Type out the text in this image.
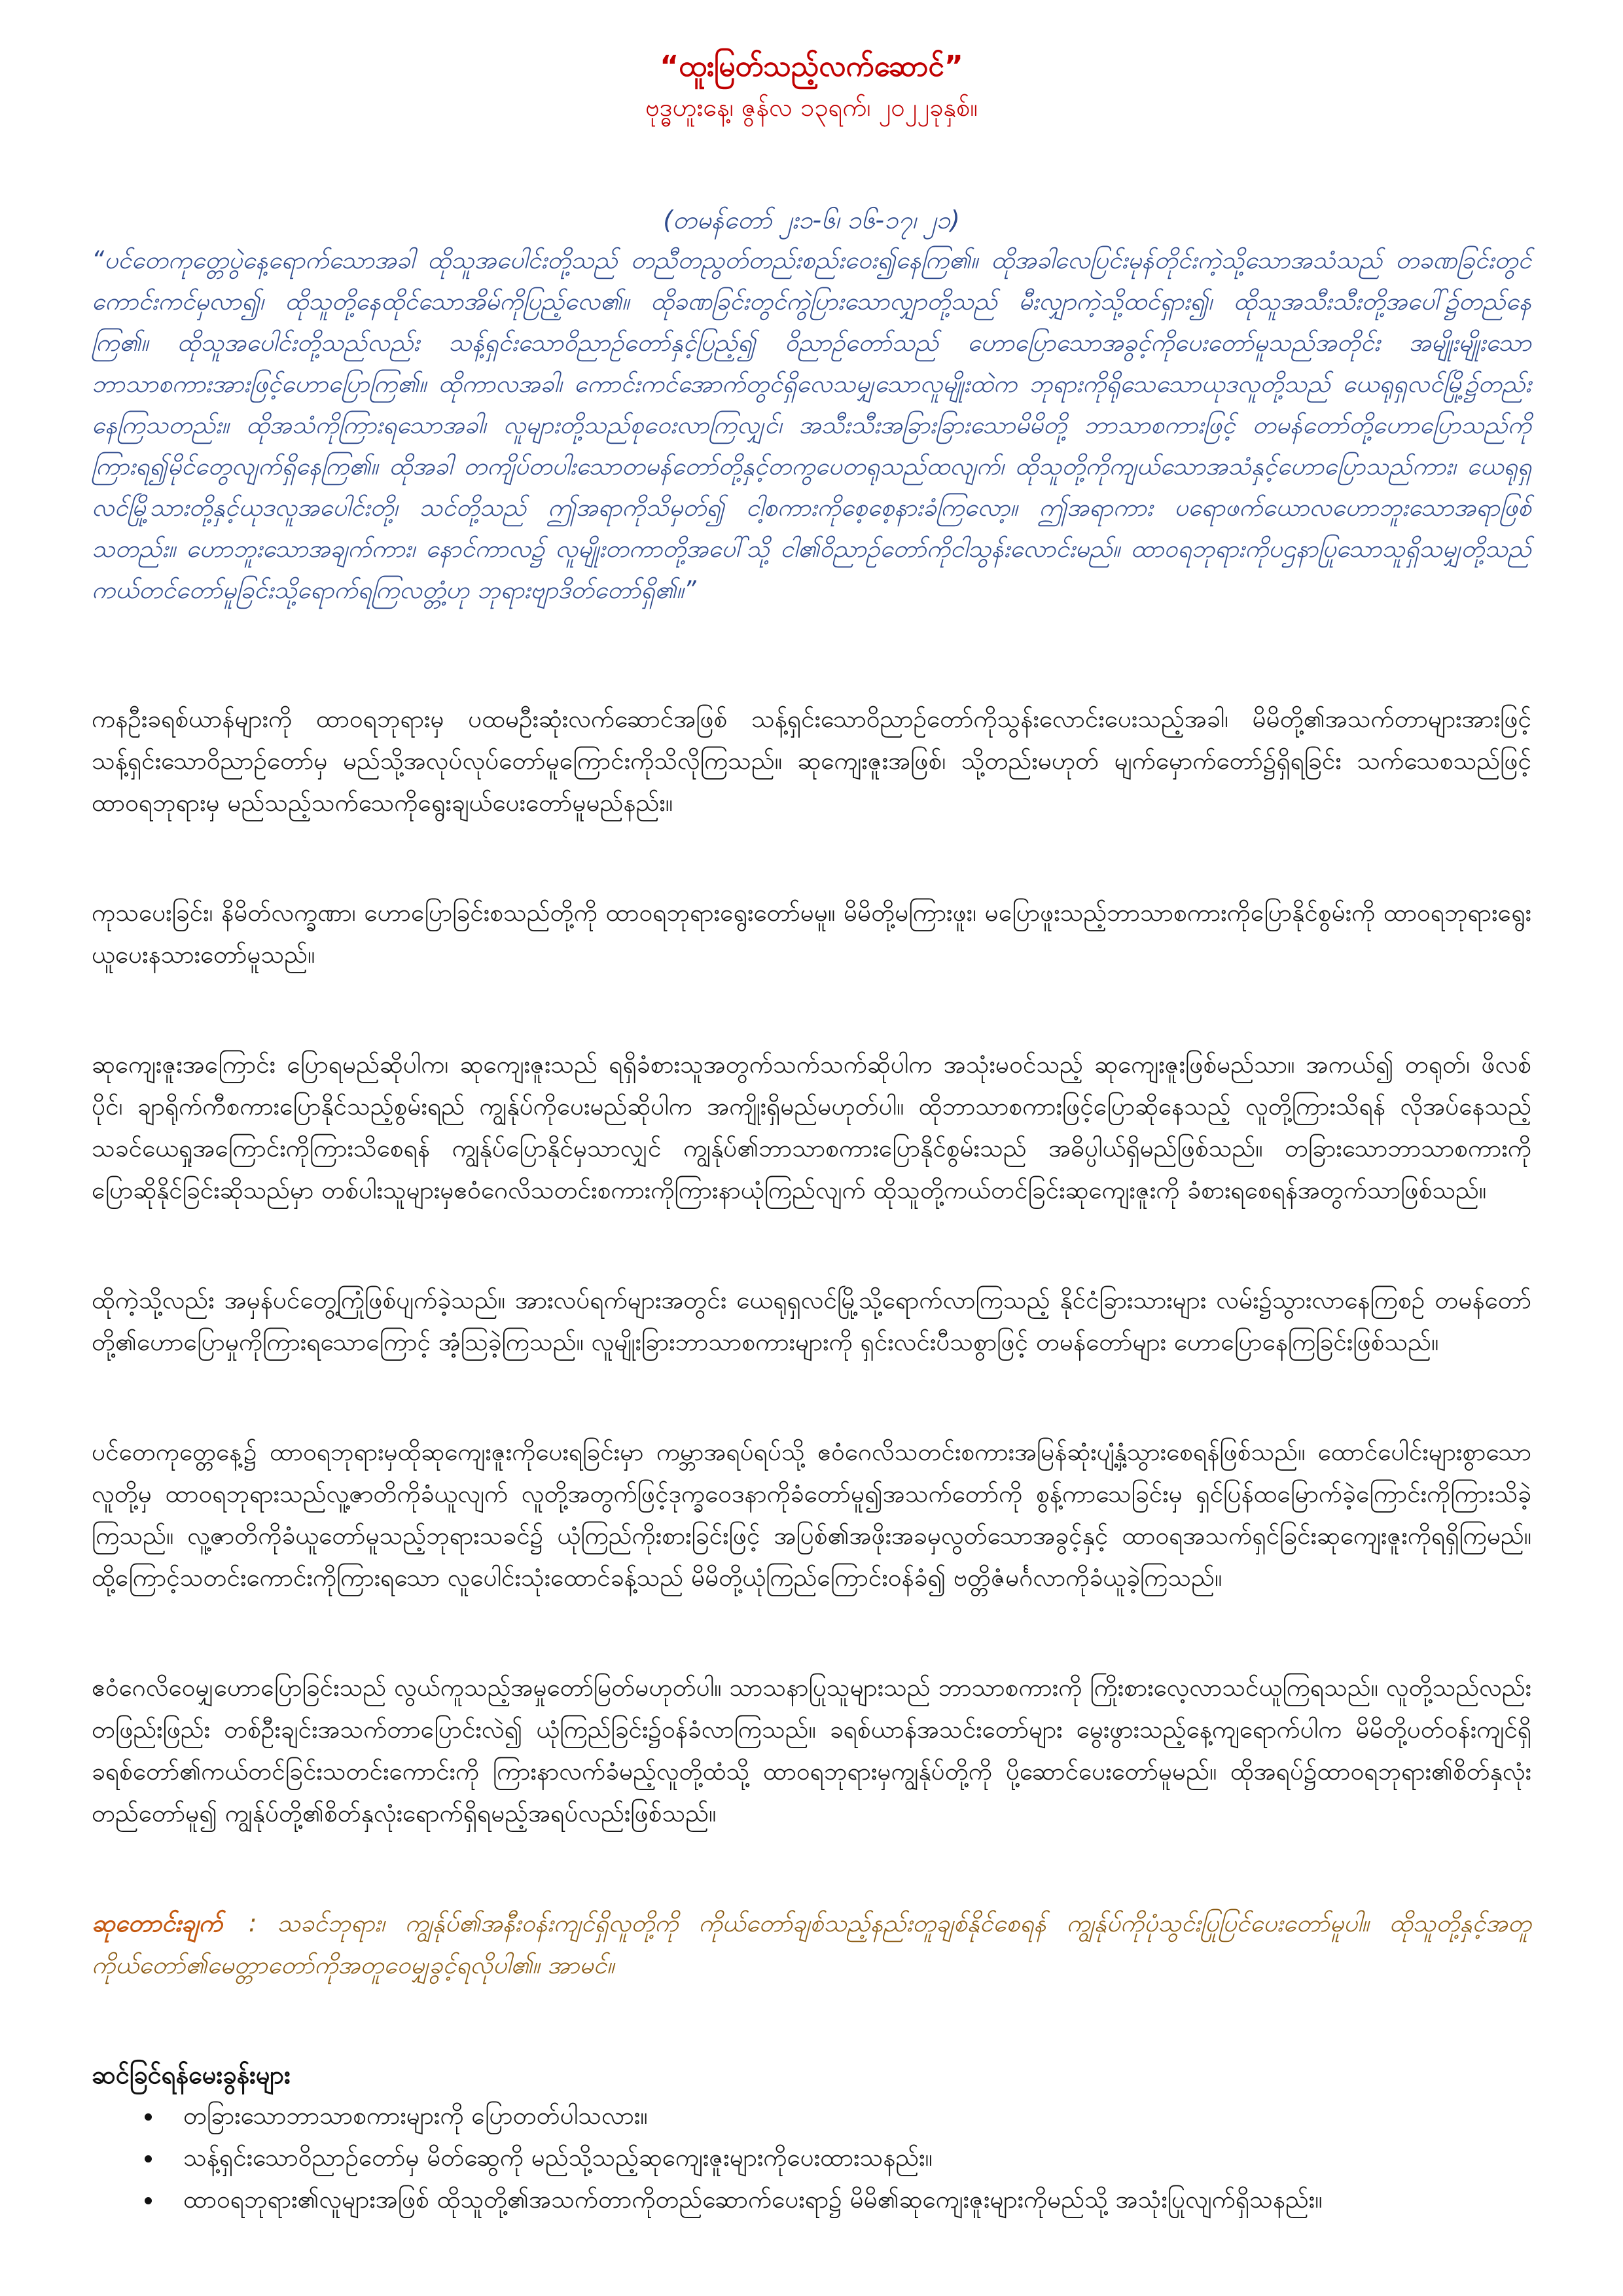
“ထူးမြတ်သည့်လက်ဆောင်”

ဗုဒ္ဓဟူးနေ့၊ ဇွန်လ ၁၃ရက်၊ ၂၀၂၂ခုနှစ်။

(တမန်တော် ၂း၁-၆၊ ၁၆-၁၇၊ ၂၁)

“ပင်တေကုတ္တေပွဲနေ့ရောက်သောအခါ ထိုသူအပေါင်းတို့သည် တညီတညွတ်တည်းစည်းဝေး၍နေကြ၏။ ထိုအခါလေပြင်းမုန်တိုင်းကဲ့သို့သောအသံသည် တခဏခြင်းတွင် ကောင်းကင်မှလာ၍၊ ထိုသူတို့နေထိုင်သောအိမ်ကိုပြည့်လေ၏။ ထိုခဏခြင်းတွင်ကွဲပြားသောလျှာတို့သည် မီးလျှာကဲ့သို့ထင်ရှား၍၊ ထိုသူအသီးသီးတို့အပေါ်၌တည်နေကြ၏။ ထိုသူအပေါင်းတို့သည်လည်း သန့်ရှင်းသောဝိညာဉ်တော်နှင့်ပြည့်၍ ဝိညာဉ်တော်သည် ဟောပြောသောအခွင့်ကိုပေးတော်မူသည်အတိုင်း အမျိုးမျိုးသောဘာသာစကားအားဖြင့်ဟောပြောကြ၏။ ထိုကာလအခါ၊ ကောင်းကင်အောက်တွင်ရှိလေသမျှသောလူမျိုးထဲက ဘုရားကိုရိုသေသောယုဒလူတို့သည် ယေရုရှလင်မြို့၌တည်းနေကြသတည်း။ ထိုအသံကိုကြားရသောအခါ၊ လူများတို့သည်စုဝေးလာကြလျှင်၊ အသီးသီးအခြားခြားသောမိမိတို့ ဘာသာစကားဖြင့် တမန်တော်တို့ဟောပြောသည်ကို ကြားရ၍မိုင်တွေလျက်ရှိနေကြ၏။ ထိုအခါ တကျိပ်တပါးသောတမန်တော်တို့နှင့်တကွပေတရုသည်ထလျက်၊ ထိုသူတို့ကိုကျယ်သောအသံနှင့်ဟောပြောသည်ကား၊ ယေရုရှလင်မြို့သားတို့နှင့်ယုဒလူအပေါင်းတို့၊ သင်တို့သည် ဤအရာကိုသိမှတ်၍ ငါ့စကားကိုစေ့စေ့နားခံကြလော့။ ဤအရာကား ပရောဖက်ယောလဟောဘူးသောအရာဖြစ်သတည်း။ ဟောဘူးသောအချက်ကား၊ နောင်ကာလ၌ လူမျိုးတကာတို့အပေါ်သို့ ငါ၏ဝိညာဉ်တော်ကိုငါသွန်းလောင်းမည်။ ထာဝရဘုရားကိုပဌနာပြုသောသူရှိသမျှတို့သည် ကယ်တင်တော်မူခြင်းသို့ရောက်ရကြလတ္တံ့ဟု ဘုရားဗျာဒိတ်တော်ရှိ၏။”

ကနဦးခရစ်ယာန်များကို ထာဝရဘုရားမှ ပထမဦးဆုံးလက်ဆောင်အဖြစ် သန့်ရှင်းသောဝိညာဉ်တော်ကိုသွန်းလောင်းပေးသည့်အခါ၊ မိမိတို့၏အသက်တာများအားဖြင့် သန့်ရှင်းသောဝိညာဉ်တော်မှ မည်သို့အလုပ်လုပ်တော်မူကြောင်းကိုသိလိုကြသည်။ ဆုကျေးဇူးအဖြစ်၊ သို့တည်းမဟုတ် မျက်မှောက်တော်၌ရှိရခြင်း သက်သေစသည်ဖြင့် ထာဝရဘုရားမှ မည်သည့်သက်သေကိုရွေးချယ်ပေးတော်မူမည်နည်း။

ကုသပေးခြင်း၊ နိမိတ်လက္ခဏာ၊ ဟောပြောခြင်းစသည်တို့ကို ထာဝရဘုရားရွေးတော်မမူ။ မိမိတို့မကြားဖူး၊ မပြောဖူးသည့်ဘာသာစကားကိုပြောနိုင်စွမ်းကို ထာဝရဘုရားရွေးယူပေးနသားတော်မူသည်။

ဆုကျေးဇူးအကြောင်း ပြောရမည်ဆိုပါက၊ ဆုကျေးဇူးသည် ရရှိခံစားသူအတွက်သက်သက်ဆိုပါက အသုံးမဝင်သည့် ဆုကျေးဇူးဖြစ်မည်သာ။ အကယ်၍ တရုတ်၊ ဖိလစ်ပိုင်၊ ချာရိုက်ကီစကားပြောနိုင်သည့်စွမ်းရည် ကျွန်ုပ်ကိုပေးမည်ဆိုပါက အကျိုးရှိမည်မဟုတ်ပါ။ ထိုဘာသာစကားဖြင့်ပြောဆိုနေသည့် လူတို့ကြားသိရန် လိုအပ်နေသည့်သခင်ယေရှုအကြောင်းကိုကြားသိစေရန် ကျွန်ုပ်ပြောနိုင်မှသာလျှင် ကျွန်ုပ်၏ဘာသာစကားပြောနိုင်စွမ်းသည် အဓိပ္ပါယ်ရှိမည်ဖြစ်သည်။ တခြားသောဘာသာစကားကိုပြောဆိုနိုင်ခြင်းဆိုသည်မှာ တစ်ပါးသူများမှဧဝံဂေလိသတင်းစကားကိုကြားနာယုံကြည်လျက် ထိုသူတို့ကယ်တင်ခြင်းဆုကျေးဇူးကို ခံစားရစေရန်အတွက်သာဖြစ်သည်။

ထိုကဲ့သို့လည်း အမှန်ပင်တွေ့ကြုံဖြစ်ပျက်ခဲ့သည်။ အားလပ်ရက်များအတွင်း ယေရုရှလင်မြို့သို့ရောက်လာကြသည့် နိုင်ငံခြားသားများ လမ်း၌သွားလာနေကြစဉ် တမန်တော်တို့၏ဟောပြောမှုကိုကြားရသောကြောင့် အံ့သြခဲ့ကြသည်။ လူမျိုးခြားဘာသာစကားများကို ရှင်းလင်းပီသစွာဖြင့် တမန်တော်များ ဟောပြောနေကြခြင်းဖြစ်သည်။

ပင်တေကုတ္တေနေ့၌ ထာဝရဘုရားမှထိုဆုကျေးဇူးကိုပေးရခြင်းမှာ ကမ္ဘာအရပ်ရပ်သို့ ဧဝံဂေလိသတင်းစကားအမြန်ဆုံးပျံ့နှံ့သွားစေရန်ဖြစ်သည်။ ထောင်ပေါင်းများစွာသောလူတို့မှ ထာဝရဘုရားသည်လူ့ဇာတိကိုခံယူလျက် လူတို့အတွက်ဖြင့်ဒုက္ခဝေဒနာကိုခံတော်မူ၍အသက်တော်ကို စွန့်ကာသေခြင်းမှ ရှင်ပြန်ထမြောက်ခဲ့ကြောင်းကိုကြားသိခဲ့ကြသည်။ လူ့ဇာတိကိုခံယူတော်မူသည့်ဘုရားသခင်၌ ယုံကြည်ကိုးစားခြင်းဖြင့် အပြစ်၏အဖိုးအခမှလွတ်သောအခွင့်နှင့် ထာဝရအသက်ရှင်ခြင်းဆုကျေးဇူးကိုရရှိကြမည်။ ထို့ကြောင့်သတင်းကောင်းကိုကြားရသော လူပေါင်းသုံးထောင်ခန့်သည် မိမိတို့ယုံကြည်ကြောင်းဝန်ခံ၍ ဗတ္တိဇံမင်္ဂလာကိုခံယူခဲ့ကြသည်။

ဧဝံဂေလိဝေမျှဟောပြောခြင်းသည် လွယ်ကူသည့်အမှုတော်မြတ်မဟုတ်ပါ။ သာသနာပြုသူများသည် ဘာသာစကားကို ကြိုးစားလေ့လာသင်ယူကြရသည်။ လူတို့သည်လည်းတဖြည်းဖြည်း တစ်ဦးချင်းအသက်တာပြောင်းလဲ၍ ယုံကြည်ခြင်း၌ဝန်ခံလာကြသည်။ ခရစ်ယာန်အသင်းတော်များ မွေးဖွားသည့်နေ့ကျရောက်ပါက မိမိတို့ပတ်ဝန်းကျင်ရှိ ခရစ်တော်၏ကယ်တင်ခြင်းသတင်းကောင်းကို ကြားနာလက်ခံမည့်လူတို့ထံသို့ ထာဝရဘုရားမှကျွန်ုပ်တို့ကို ပို့ဆောင်ပေးတော်မူမည်။ ထိုအရပ်၌ထာဝရဘုရား၏စိတ်နှလုံးတည်တော်မူ၍ ကျွန်ုပ်တို့၏စိတ်နှလုံးရောက်ရှိရမည့်အရပ်လည်းဖြစ်သည်။

ဆုတောင်းချက် : သခင်ဘုရား၊ ကျွန်ုပ်၏အနီးဝန်းကျင်ရှိလူတို့ကို ကိုယ်တော်ချစ်သည့်နည်းတူချစ်နိုင်စေရန် ကျွန်ုပ်ကိုပုံသွင်းပြုပြင်ပေးတော်မူပါ။ ထိုသူတို့နှင့်အတူ ကိုယ်တော်၏မေတ္တာတော်ကိုအတူဝေမျှခွင့်ရလိုပါ၏။ အာမင်။

ဆင်ခြင်ရန်မေးခွန်းများ
• တခြားသောဘာသာစကားများကို ပြောတတ်ပါသလား။
• သန့်ရှင်းသောဝိညာဉ်တော်မှ မိတ်ဆွေကို မည်သို့သည့်ဆုကျေးဇူးများကိုပေးထားသနည်း။
• ထာဝရဘုရား၏လူများအဖြစ် ထိုသူတို့၏အသက်တာကိုတည်ဆောက်ပေးရာ၌ မိမိ၏ဆုကျေးဇူးများကိုမည်သို့ အသုံးပြုလျက်ရှိသနည်း။
